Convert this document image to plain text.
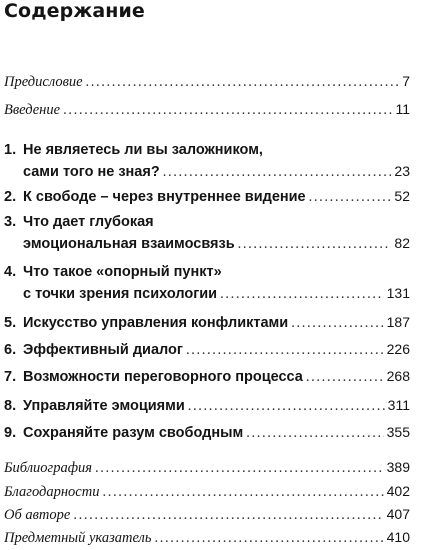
Содержание
Предисловие . . .	7
Введение . . .	11
1. Не являетесь ли вы заложником,
сами того не зная? . . .	23
2. К свободе – через внутреннее видение . . .	52
3. Что дает глубокая
эмоциональная взаимосвязь . . .	82
4. Что такое «опорный пункт»
с точки зрения психологии . . .	131
5. Искусство управления конфликтами . . .	187
6. Эффективный диалог . . .	226
7. Возможности переговорного процесса . . .	268
8. Управляйте эмоциями . . .	311
9. Сохраняйте разум свободным . . .	355
Библиография . . .	389
Благодарности . . .	402
Об авторе . . .	407
Предметный указатель . . .	410
